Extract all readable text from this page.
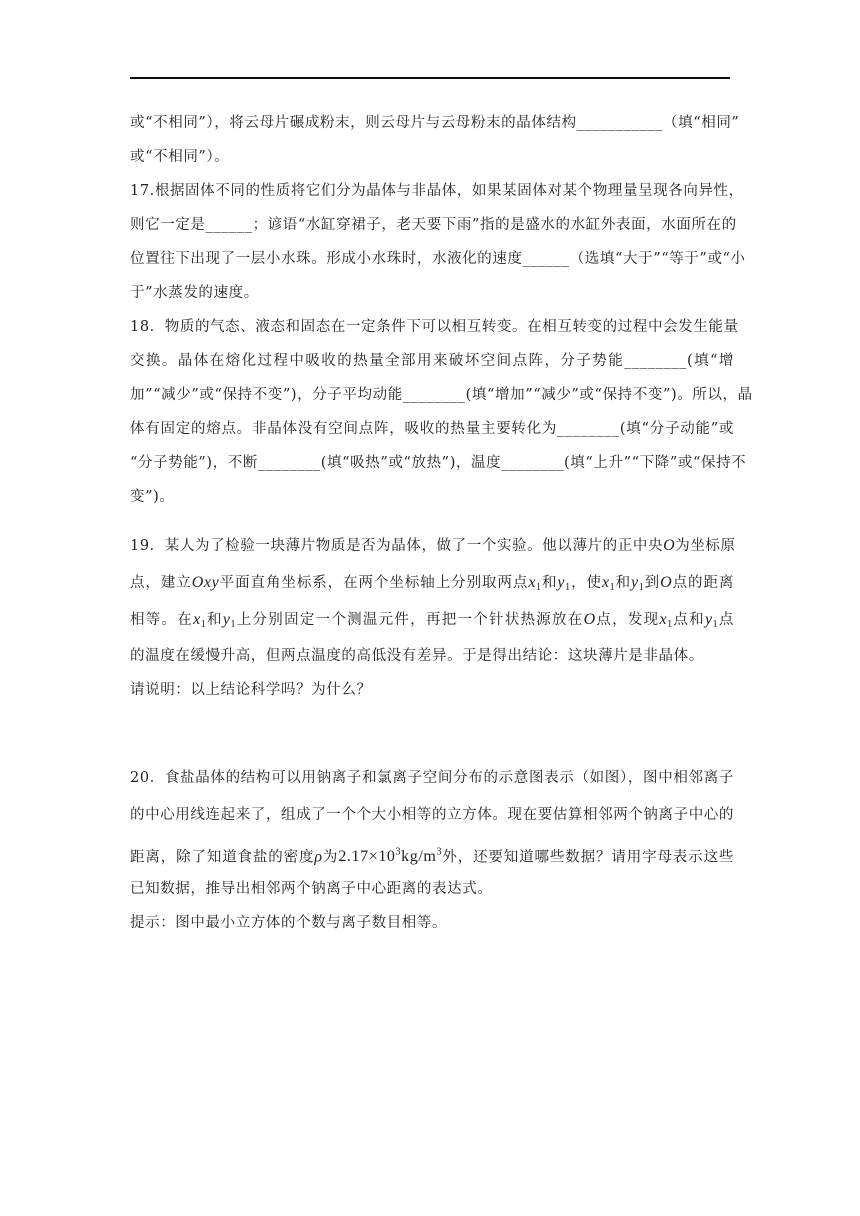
或“不相同”），将云母片碾成粉末，则云母片与云母粉末的晶体结构___________（填“相同”
或“不相同”）。
17.根据固体不同的性质将它们分为晶体与非晶体，如果某固体对某个物理量呈现各向异性，
则它一定是______；谚语“水缸穿裙子，老天要下雨”指的是盛水的水缸外表面，水面所在的
位置往下出现了一层小水珠。形成小水珠时，水液化的速度______（选填“大于”“等于”或“小
于”水蒸发的速度。
18．物质的气态、液态和固态在一定条件下可以相互转变。在相互转变的过程中会发生能量
交换。晶体在熔化过程中吸收的热量全部用来破坏空间点阵，分子势能________(填“增
加”“减少”或“保持不变”)，分子平均动能________(填“增加”“减少”或“保持不变”)。所以，晶
体有固定的熔点。非晶体没有空间点阵，吸收的热量主要转化为________(填“分子动能”或
“分子势能”)，不断________(填“吸热”或“放热”)，温度________(填“上升”“下降”或“保持不
变”)。
19．某人为了检验一块薄片物质是否为晶体，做了一个实验。他以薄片的正中央O为坐标原
点，建立Oxy平面直角坐标系，在两个坐标轴上分别取两点$x_1$和$y_1$，使$x_1$和$y_1$到O点的距离
相等。在$x_1$和$y_1$上分别固定一个测温元件，再把一个针状热源放在O点，发现$x_1$点和$y_1$点
的温度在缓慢升高，但两点温度的高低没有差异。于是得出结论：这块薄片是非晶体。
请说明：以上结论科学吗？为什么？
20．食盐晶体的结构可以用钠离子和氯离子空间分布的示意图表示（如图），图中相邻离子
的中心用线连起来了，组成了一个个大小相等的立方体。现在要估算相邻两个钠离子中心的
距离，除了知道食盐的密度ρ为$2.17\times 10^3kg/m^3$外，还要知道哪些数据？请用字母表示这些
已知数据，推导出相邻两个钠离子中心距离的表达式。
提示：图中最小立方体的个数与离子数目相等。
